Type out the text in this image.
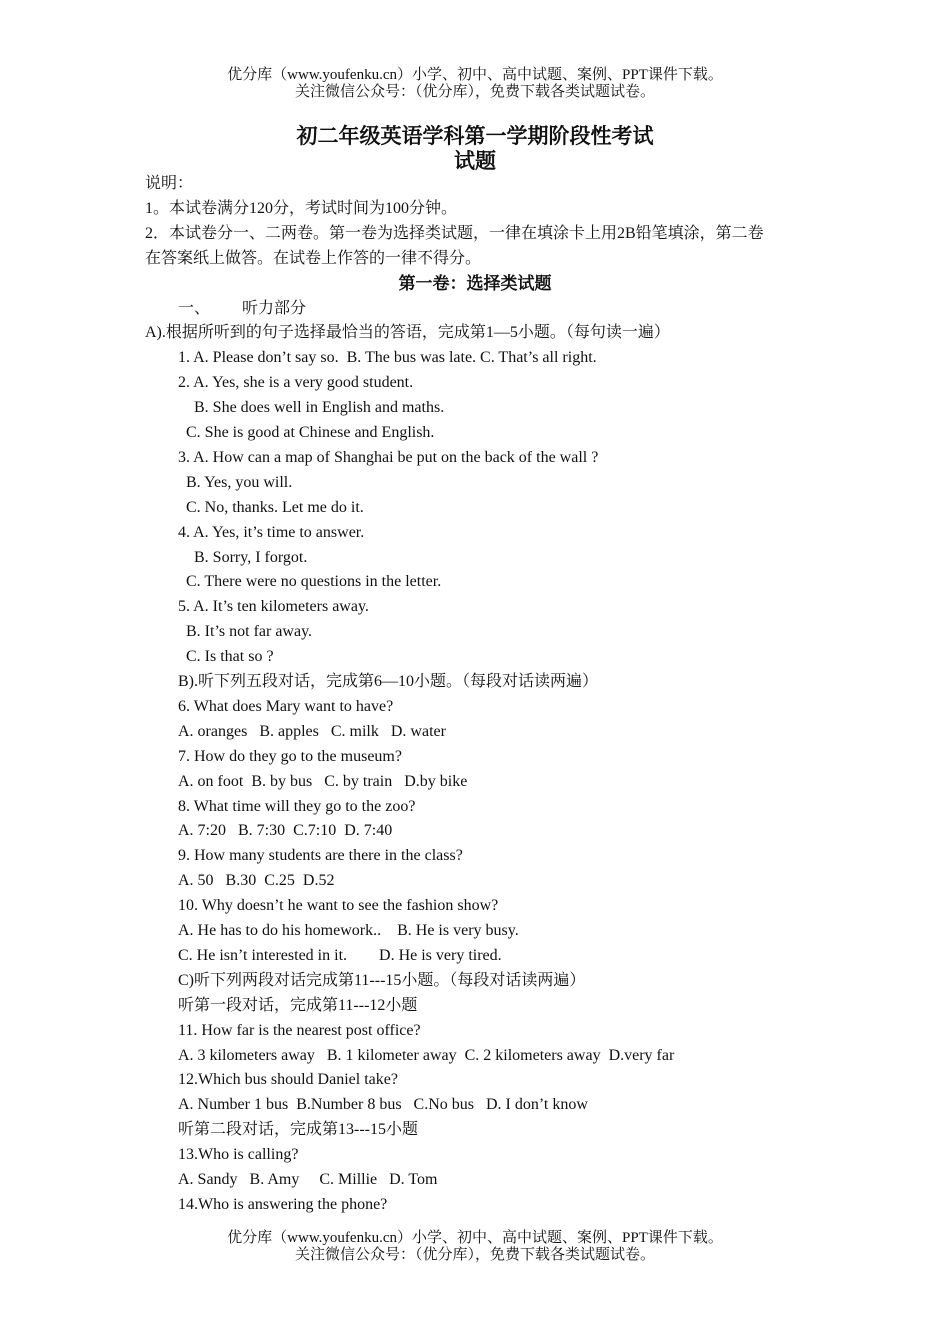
优分库（www.youfenku.cn）小学、初中、高中试题、案例、PPT课件下载。
关注微信公众号：（优分库），免费下载各类试题试卷。
初二年级英语学科第一学期阶段性考试
试题
说明：
1。本试卷满分120分，考试时间为100分钟。
2．本试卷分一、二两卷。第一卷为选择类试题，一律在填涂卡上用2B铅笔填涂，第二卷
在答案纸上做答。在试卷上作答的一律不得分。
第一卷：选择类试题
一、        听力部分
A).根据所听到的句子选择最恰当的答语，完成第1—5小题。（每句读一遍）
1. A. Please don’t say so.  B. The bus was late. C. That’s all right.
2. A. Yes, she is a very good student.
B. She does well in English and maths.
C. She is good at Chinese and English.
3. A. How can a map of Shanghai be put on the back of the wall ?
B. Yes, you will.
C. No, thanks. Let me do it.
4. A. Yes, it’s time to answer.
B. Sorry, I forgot.
C. There were no questions in the letter.
5. A. It’s ten kilometers away.
B. It’s not far away.
C. Is that so ?
B).听下列五段对话，完成第6—10小题。（每段对话读两遍）
6. What does Mary want to have?
A. oranges   B. apples   C. milk   D. water
7. How do they go to the museum?
A. on foot  B. by bus   C. by train   D.by bike
8. What time will they go to the zoo?
A. 7:20   B. 7:30  C.7:10  D. 7:40
9. How many students are there in the class?
A. 50   B.30  C.25  D.52
10. Why doesn’t he want to see the fashion show?
A. He has to do his homework..    B. He is very busy.
C. He isn’t interested in it.        D. He is very tired.
C)听下列两段对话完成第11---15小题。（每段对话读两遍）
听第一段对话，完成第11---12小题
11. How far is the nearest post office?
A. 3 kilometers away   B. 1 kilometer away  C. 2 kilometers away  D.very far
12.Which bus should Daniel take?
A. Number 1 bus  B.Number 8 bus   C.No bus   D. I don’t know
听第二段对话，完成第13---15小题
13.Who is calling?
A. Sandy   B. Amy     C. Millie   D. Tom
14.Who is answering the phone?
优分库（www.youfenku.cn）小学、初中、高中试题、案例、PPT课件下载。
关注微信公众号：（优分库），免费下载各类试题试卷。
